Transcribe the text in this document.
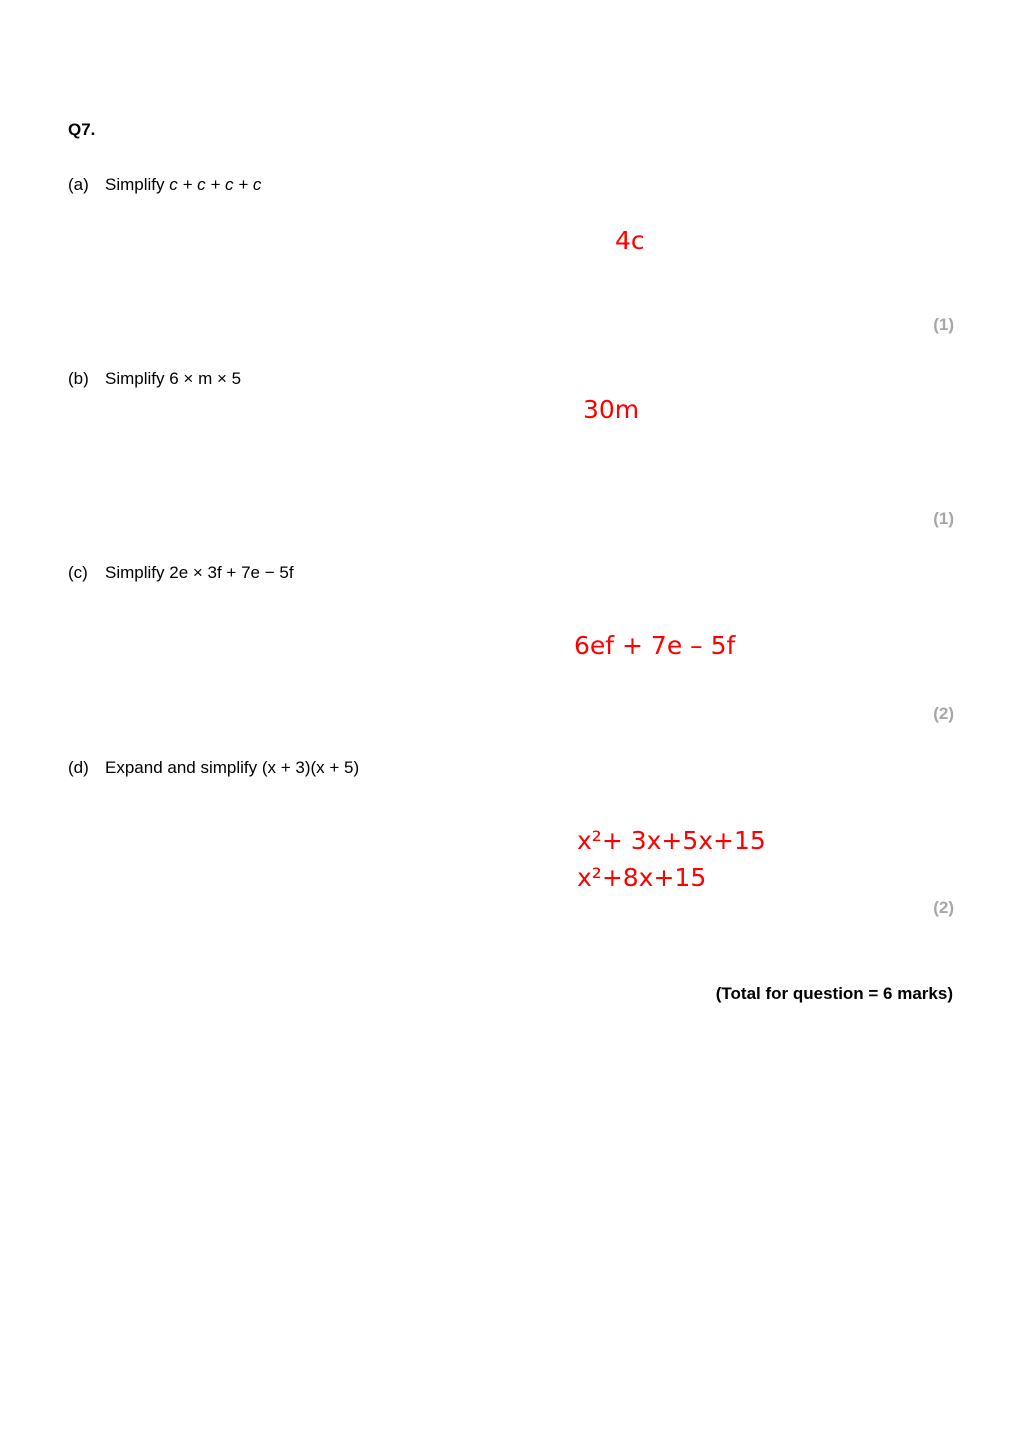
Q7.
(a) Simplify c + c + c + c
4c
(1)
(b) Simplify 6 × m × 5
30m
(1)
(c) Simplify 2e × 3f + 7e − 5f
6ef + 7e – 5f
(2)
(d) Expand and simplify (x + 3)(x + 5)
x²+ 3x+5x+15
x²+8x+15
(2)
(Total for question = 6 marks)
